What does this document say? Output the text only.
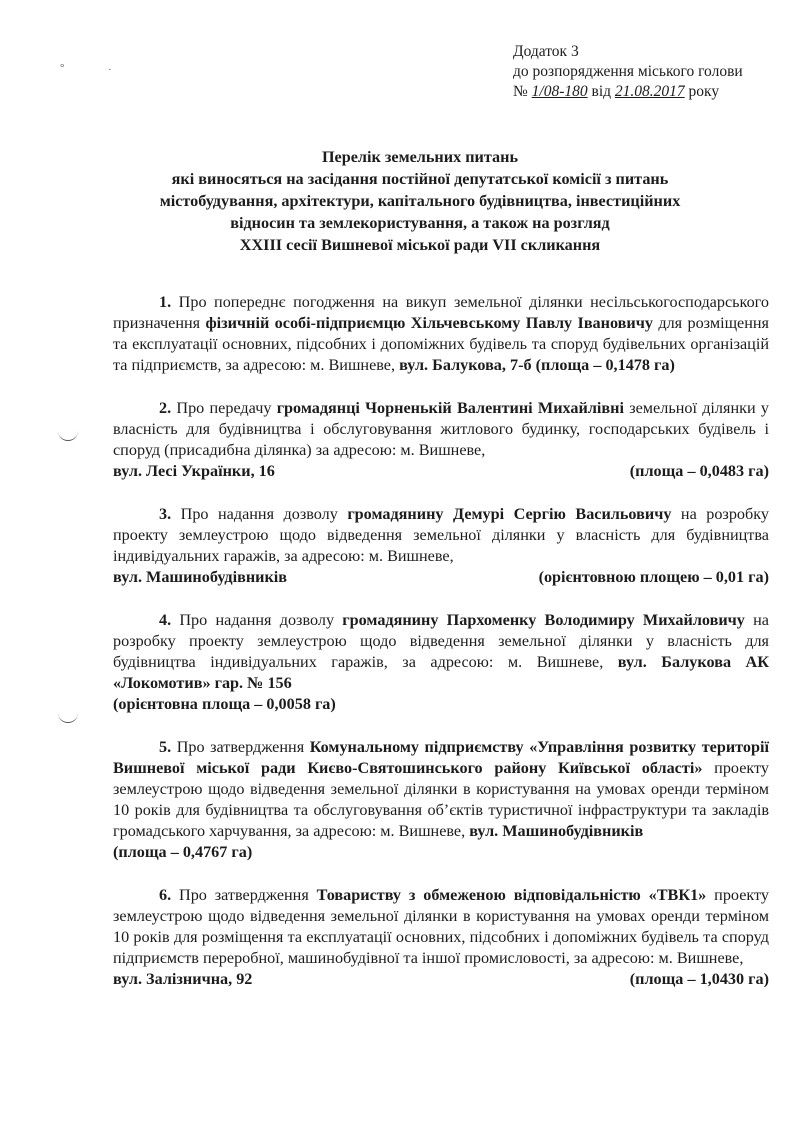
°	·
Додаток 3
до розпорядження міського голови
№ 1/08-180 від 21.08.2017 року
Перелік земельних питань
які виносяться на засідання постійної депутатської комісії з питань
містобудування, архітектури, капітального будівництва, інвестиційних
відносин та землекористування, а також на розгляд
XXIII сесії Вишневої міської ради VII скликання

1. Про попереднє погодження на викуп земельної ділянки несільськогосподарського призначення фізичній особі-підприємцю Хільчевському Павлу Івановичу для розміщення та експлуатації основних, підсобних і допоміжних будівель та споруд будівельних організацій та підприємств, за адресою: м. Вишневе, вул. Балукова, 7-б (площа – 0,1478 га)

2. Про передачу громадянці Чорненькій Валентині Михайлівні земельної ділянки у власність для будівництва і обслуговування житлового будинку, господарських будівель і споруд (присадибна ділянка) за адресою: м. Вишневе,

вул. Лесі Українки, 16	(площа – 0,0483 га)

3. Про надання дозволу громадянину Демурі Сергію Васильовичу на розробку проекту землеустрою щодо відведення земельної ділянки у власність для будівництва індивідуальних гаражів, за адресою: м. Вишневе,

вул. Машинобудівників	(орієнтовною площею – 0,01 га)

4. Про надання дозволу громадянину Пархоменку Володимиру Михайловичу на розробку проекту землеустрою щодо відведення земельної ділянки у власність для будівництва індивідуальних гаражів, за адресою: м. Вишневе, вул. Балукова АК «Локомотив» гар. № 156

(орієнтовна площа – 0,0058 га)

5. Про затвердження Комунальному підприємству «Управління розвитку території Вишневої міської ради Києво-Святошинського району Київської області» проекту землеустрою щодо відведення земельної ділянки в користування на умовах оренди терміном 10 років для будівництва та обслуговування об’єктів туристичної інфраструктури та закладів громадського харчування, за адресою: м. Вишневе, вул. Машинобудівників

(площа – 0,4767 га)

6. Про затвердження Товариству з обмеженою відповідальністю «ТВК1» проекту землеустрою щодо відведення земельної ділянки в користування на умовах оренди терміном 10 років для розміщення та експлуатації основних, підсобних і допоміжних будівель та споруд підприємств переробної, машинобудівної та іншої промисловості, за адресою: м. Вишневе,

вул. Залізнична, 92	(площа – 1,0430 га)
